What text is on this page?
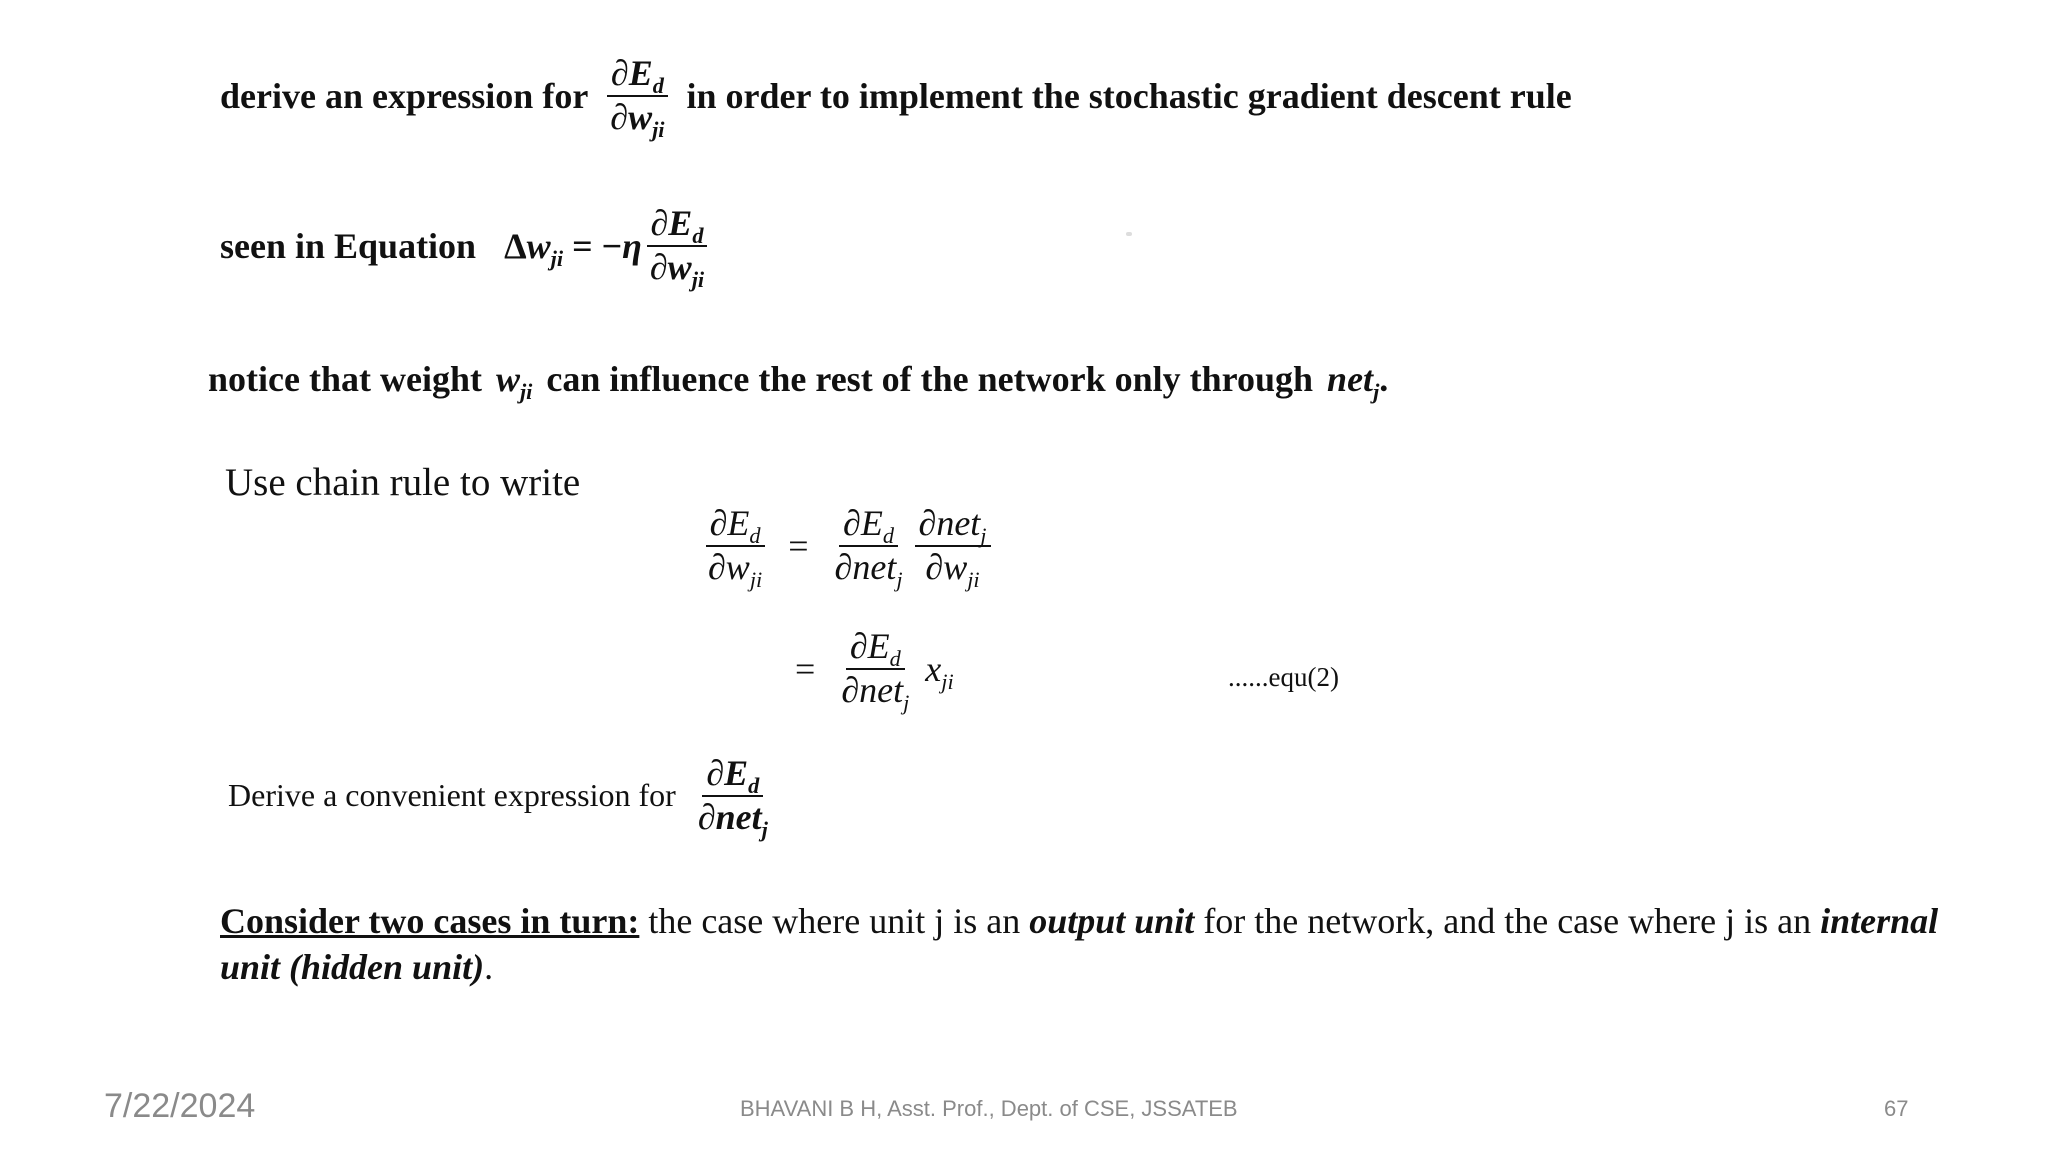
derive an expression for $\frac{\partial E_d}{\partial w_{ji}}$ in order to implement the stochastic gradient descent rule
seen in Equation $\Delta w_{ji} = -\eta \frac{\partial E_d}{\partial w_{ji}}$
notice that weight $w_{ji}$ can influence the rest of the network only through net$_j$ .
Use chain rule to write
$\frac{\partial E_d}{\partial w_{ji}} = \frac{\partial E_d}{\partial net_j} \frac{\partial net_j}{\partial w_{ji}}$
= $\frac{\partial E_d}{\partial net_j} x_{ji}$	......equ(2)
Derive a convenient expression for $\frac{\partial E_d}{\partial net_j}$
Consider two cases in turn: the case where unit j is an output unit for the network, and the case where j is an internal unit (hidden unit).
7/22/2024	BHAVANI B H, Asst. Prof., Dept. of CSE, JSSATEB	67
